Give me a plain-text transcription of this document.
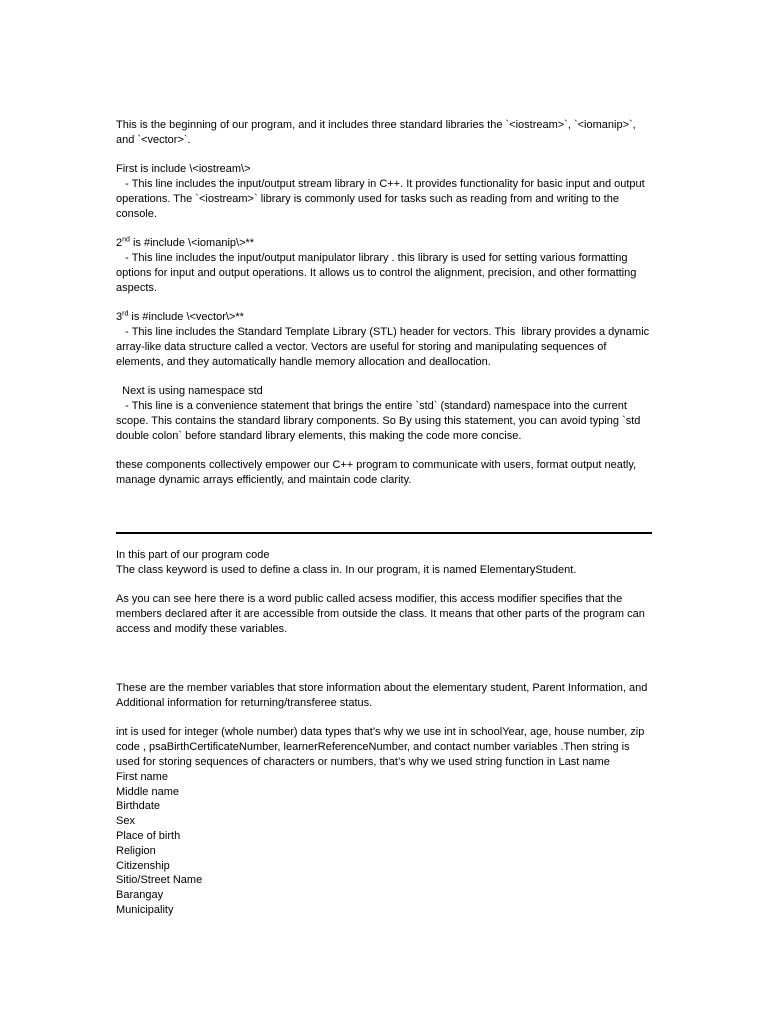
This is the beginning of our program, and it includes three standard libraries the `<iostream>`, `<iomanip>`, and `<vector>`.

First is include \<iostream\>

- This line includes the input/output stream library in C++. It provides functionality for basic input and output operations. The `<iostream>` library is commonly used for tasks such as reading from and writing to the console.

2nd is #include \<iomanip\>**

- This line includes the input/output manipulator library . this library is used for setting various formatting options for input and output operations. It allows us to control the alignment, precision, and other formatting aspects.

3rd is #include \<vector\>**

- This line includes the Standard Template Library (STL) header for vectors. This  library provides a dynamic array-like data structure called a vector. Vectors are useful for storing and manipulating sequences of elements, and they automatically handle memory allocation and deallocation.

Next is using namespace std

- This line is a convenience statement that brings the entire `std` (standard) namespace into the current scope. This contains the standard library components. So By using this statement, you can avoid typing `std double colon` before standard library elements, this making the code more concise.

these components collectively empower our C++ program to communicate with users, format output neatly, manage dynamic arrays efficiently, and maintain code clarity.

In this part of our program code

The class keyword is used to define a class in. In our program, it is named ElementaryStudent.

As you can see here there is a word public called acsess modifier, this access modifier specifies that the members declared after it are accessible from outside the class. It means that other parts of the program can access and modify these variables.

These are the member variables that store information about the elementary student, Parent Information, and Additional information for returning/transferee status.

int is used for integer (whole number) data types that’s why we use int in schoolYear, age, house number, zip code , psaBirthCertificateNumber, learnerReferenceNumber, and contact number variables .Then string is used for storing sequences of characters or numbers, that’s why we used string function in Last name

First name
Middle name
Birthdate
Sex
Place of birth
Religion
Citizenship
Sitio/Street Name
Barangay
Municipality
